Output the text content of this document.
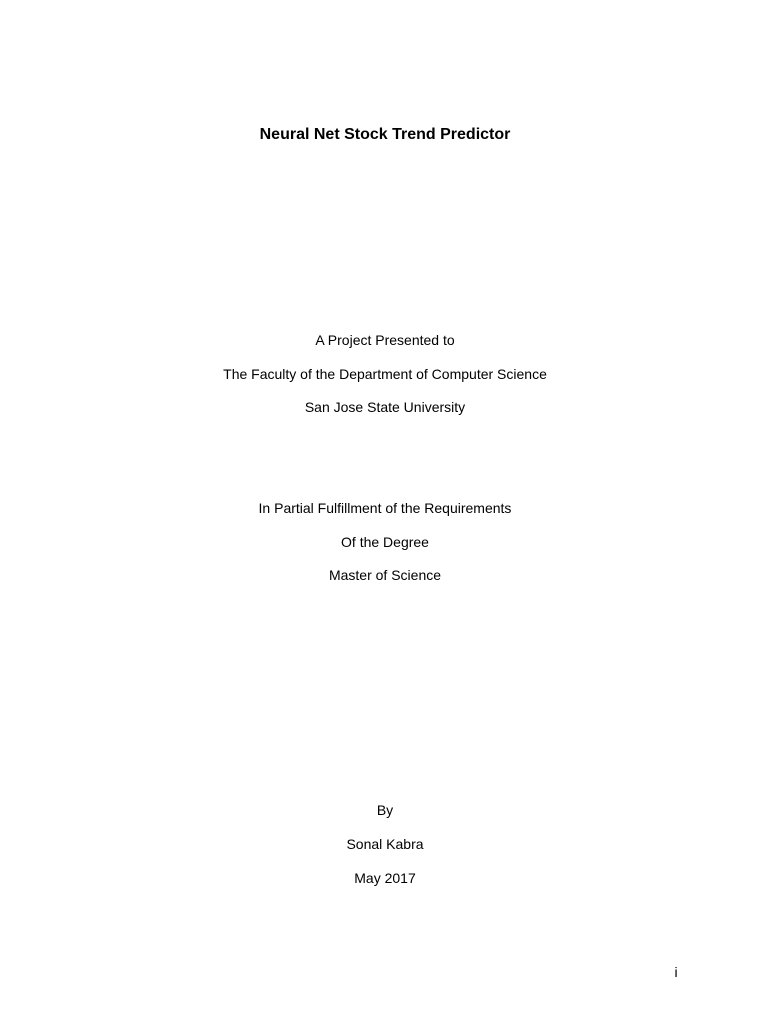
Neural Net Stock Trend Predictor
A Project Presented to
The Faculty of the Department of Computer Science
San Jose State University
In Partial Fulfillment of the Requirements
Of the Degree
Master of Science
By
Sonal Kabra
May 2017
i
